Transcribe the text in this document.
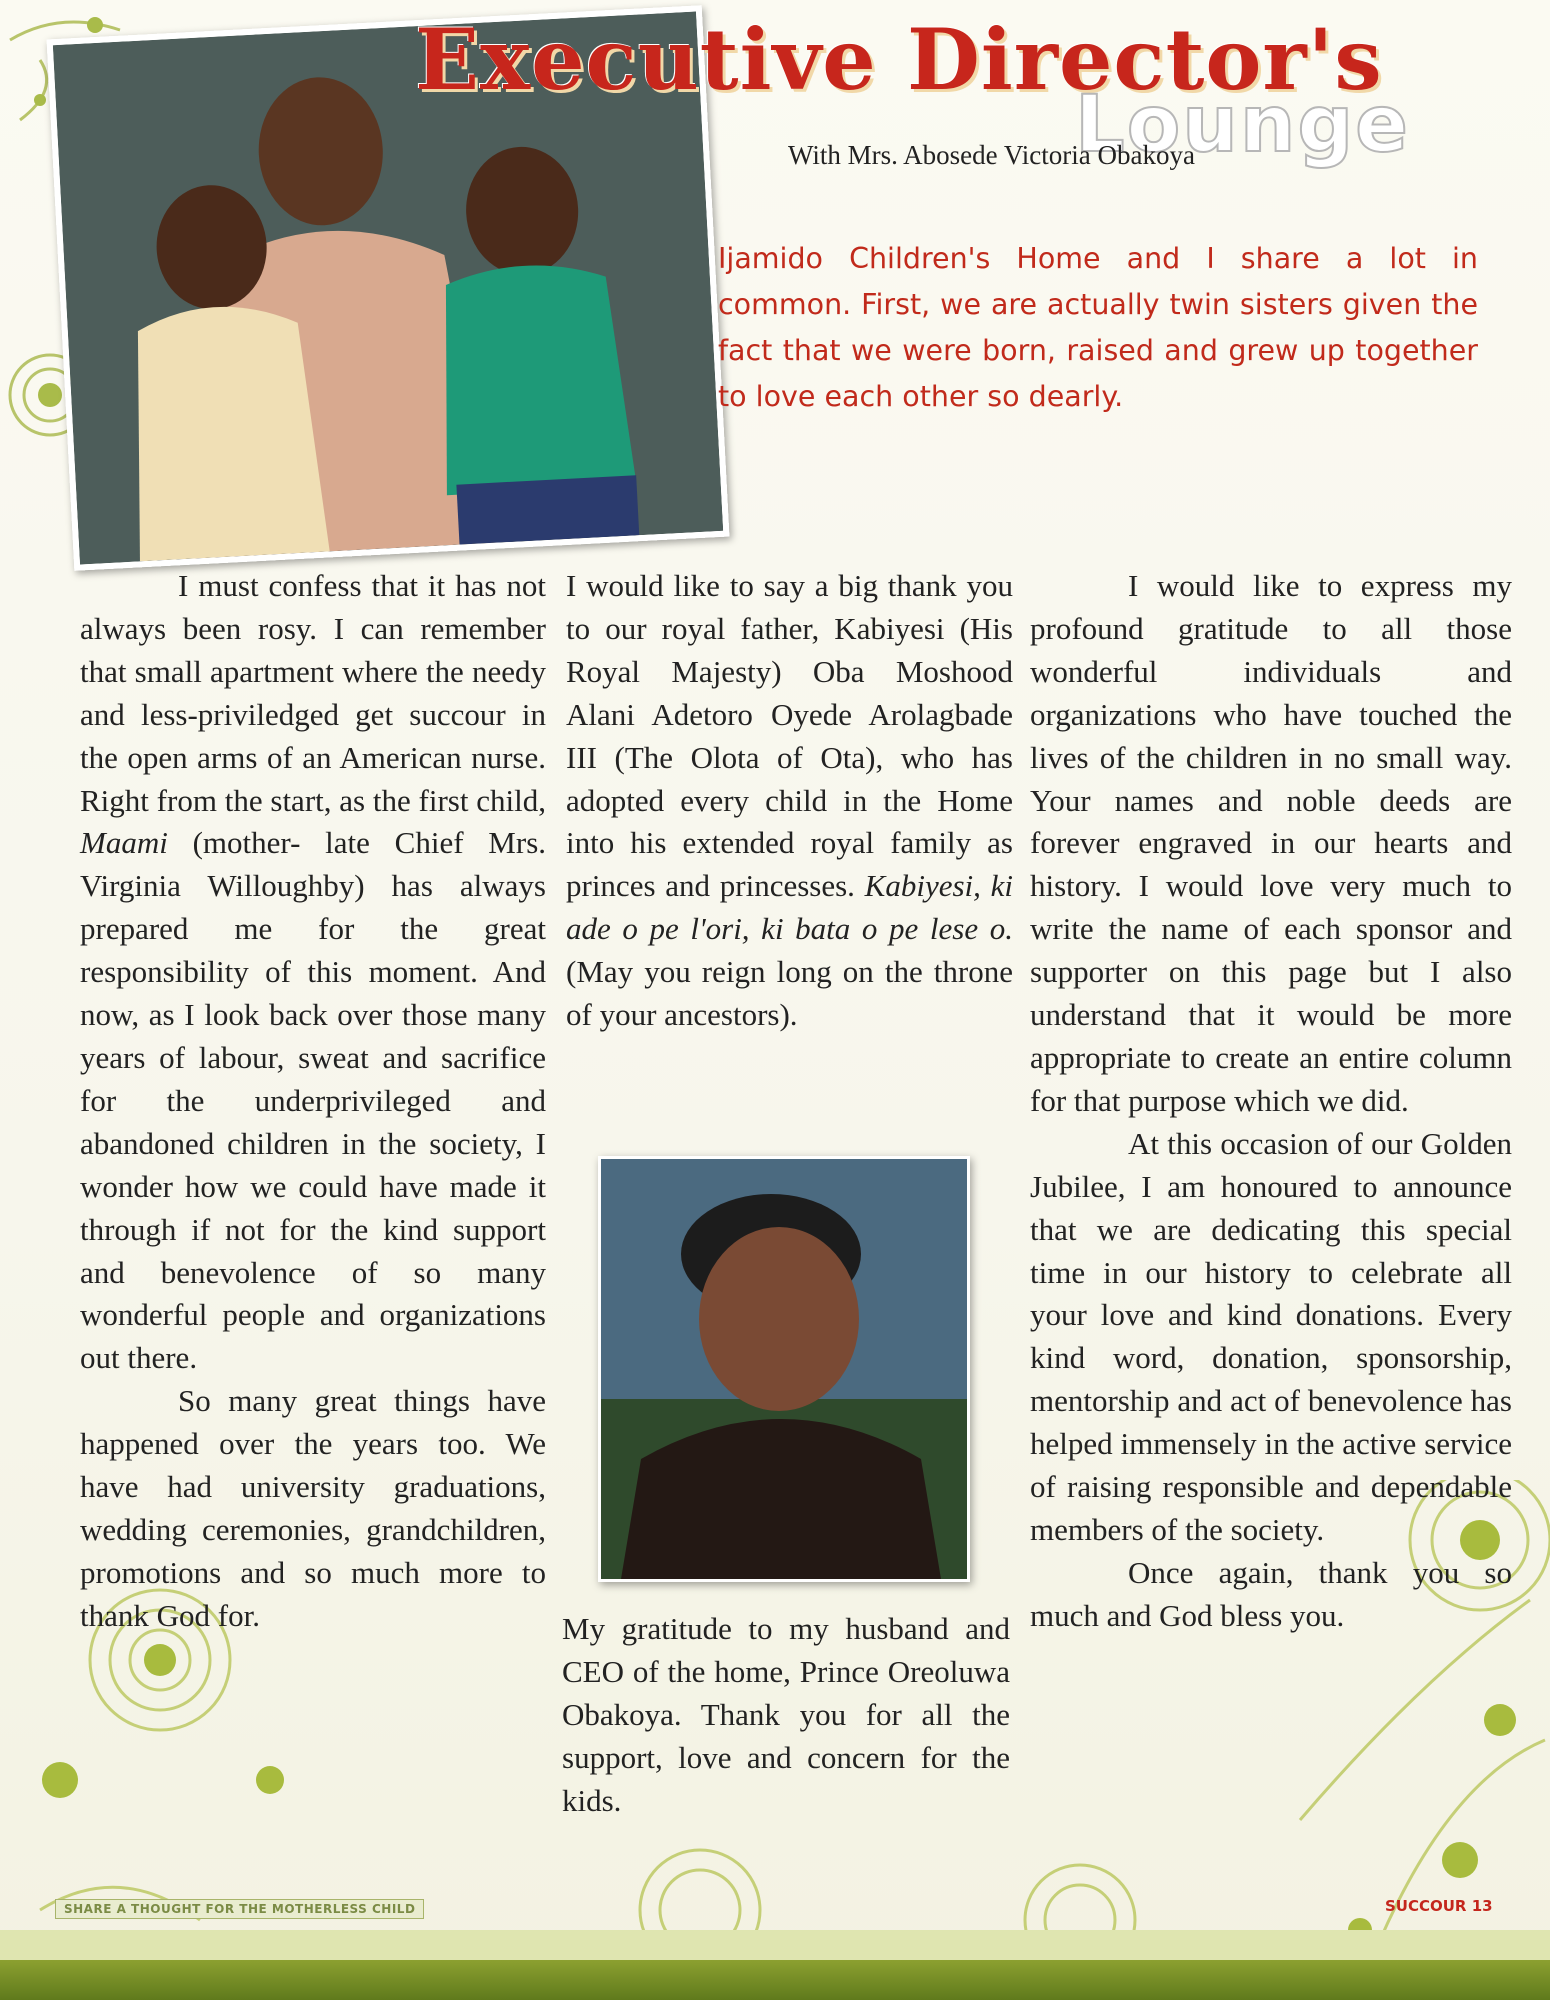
Executive Director's
Lounge
With Mrs. Abosede Victoria Obakoya
Ijamido Children's Home and I share a lot in common. First, we are actually twin sisters given the fact that we were born, raised and grew up together to love each other so dearly.

I must confess that it has not always been rosy. I can remember that small apartment where the needy and less-priviledged get succour in the open arms of an American nurse. Right from the start, as the first child, Maami (mother- late Chief Mrs. Virginia Willoughby) has always prepared me for the great responsibility of this moment. And now, as I look back over those many years of labour, sweat and sacrifice for the underprivileged and abandoned children in the society, I wonder how we could have made it through if not for the kind support and benevolence of so many wonderful people and organizations out there.

So many great things have happened over the years too. We have had university graduations, wedding ceremonies, grandchildren, promotions and so much more to thank God for.

I would like to say a big thank you to our royal father, Kabiyesi (His Royal Majesty) Oba Moshood Alani Adetoro Oyede Arolagbade III (The Olota of Ota), who has adopted every child in the Home into his extended royal family as princes and princesses. Kabiyesi, ki ade o pe l'ori, ki bata o pe lese o. (May you reign long on the throne of your ancestors).

My gratitude to my husband and CEO of the home, Prince Oreoluwa Obakoya. Thank you for all the support, love and concern for the kids.

I would like to express my profound gratitude to all those wonderful individuals and organizations who have touched the lives of the children in no small way. Your names and noble deeds are forever engraved in our hearts and history. I would love very much to write the name of each sponsor and supporter on this page but I also understand that it would be more appropriate to create an entire column for that purpose which we did.

At this occasion of our Golden Jubilee, I am honoured to announce that we are dedicating this special time in our history to celebrate all your love and kind donations. Every kind word, donation, sponsorship, mentorship and act of benevolence has helped immensely in the active service of raising responsible and dependable members of the society.

Once again, thank you so much and God bless you.

SHARE A THOUGHT FOR THE MOTHERLESS CHILD	SUCCOUR 13
